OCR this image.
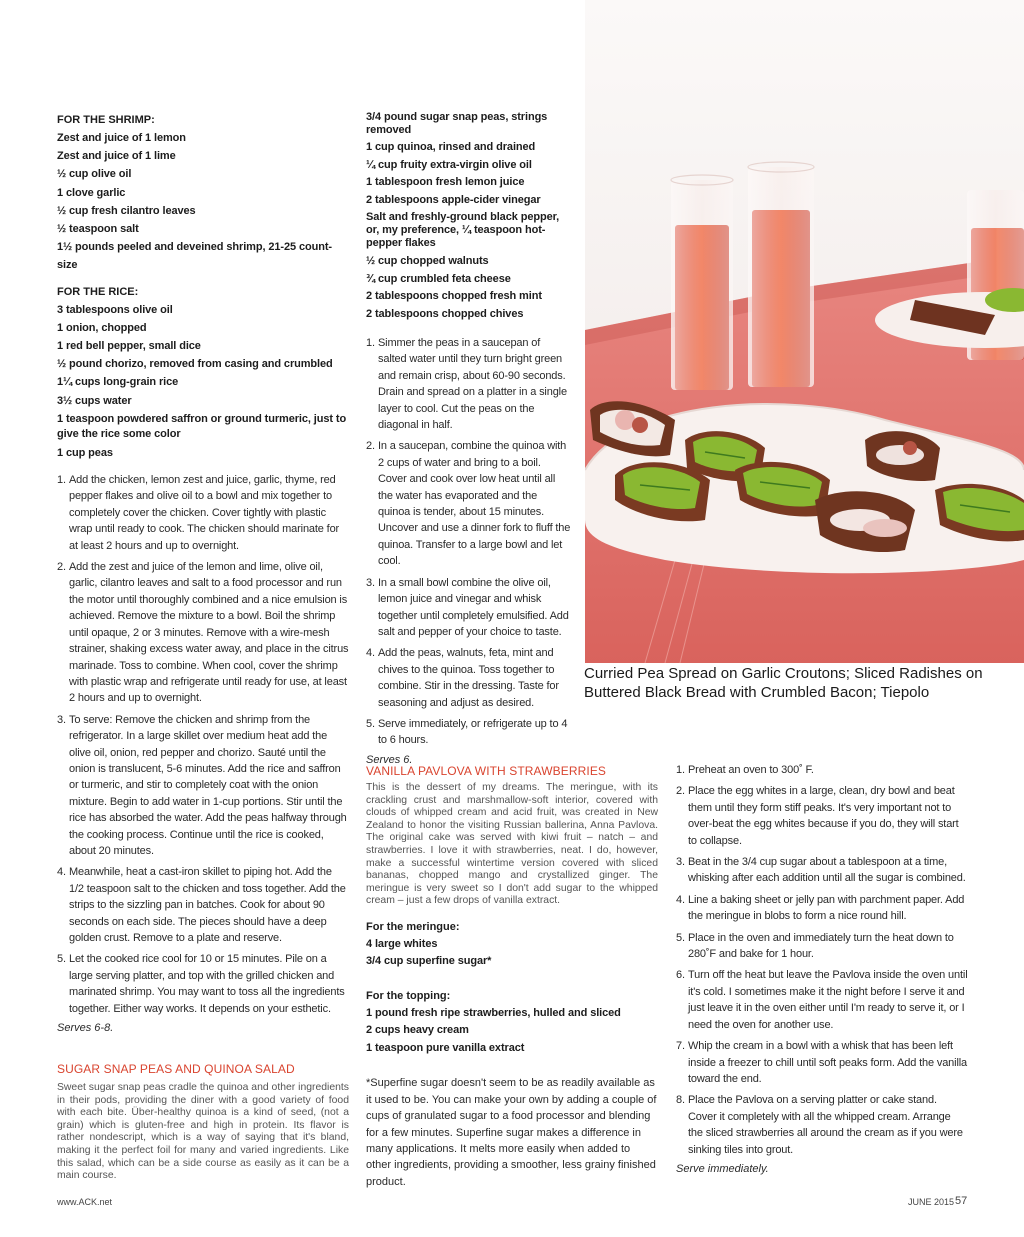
FOR THE SHRIMP:
Zest and juice of 1 lemon
Zest and juice of 1 lime
½ cup olive oil
1 clove garlic
½ cup fresh cilantro leaves
½ teaspoon salt
1½ pounds peeled and deveined shrimp, 21-25 count-size
FOR THE RICE:
3 tablespoons olive oil
1 onion, chopped
1 red bell pepper, small dice
½ pound chorizo, removed from casing and crumbled
1¼ cups long-grain rice
3½ cups water
1 teaspoon powdered saffron or ground turmeric, just to give the rice some color
1 cup peas
1. Add the chicken, lemon zest and juice, garlic, thyme, red pepper flakes and olive oil to a bowl and mix together to completely cover the chicken. Cover tightly with plastic wrap until ready to cook. The chicken should marinate for at least 2 hours and up to overnight.
2. Add the zest and juice of the lemon and lime, olive oil, garlic, cilantro leaves and salt to a food processor and run the motor until thoroughly combined and a nice emulsion is achieved. Remove the mixture to a bowl. Boil the shrimp until opaque, 2 or 3 minutes. Remove with a wire-mesh strainer, shaking excess water away, and place in the citrus marinade. Toss to combine. When cool, cover the shrimp with plastic wrap and refrigerate until ready for use, at least 2 hours and up to overnight.
3. To serve: Remove the chicken and shrimp from the refrigerator. In a large skillet over medium heat add the olive oil, onion, red pepper and chorizo. Sauté until the onion is translucent, 5-6 minutes. Add the rice and saffron or turmeric, and stir to completely coat with the onion mixture. Begin to add water in 1-cup portions. Stir until the rice has absorbed the water. Add the peas halfway through the cooking process. Continue until the rice is cooked, about 20 minutes.
4. Meanwhile, heat a cast-iron skillet to piping hot. Add the 1/2 teaspoon salt to the chicken and toss together. Add the strips to the sizzling pan in batches. Cook for about 90 seconds on each side. The pieces should have a deep golden crust. Remove to a plate and reserve.
5. Let the cooked rice cool for 10 or 15 minutes. Pile on a large serving platter, and top with the grilled chicken and marinated shrimp. You may want to toss all the ingredients together. Either way works. It depends on your esthetic.
Serves 6-8.
SUGAR SNAP PEAS AND QUINOA SALAD
Sweet sugar snap peas cradle the quinoa and other ingredients in their pods, providing the diner with a good variety of food with each bite. Über-healthy quinoa is a kind of seed, (not a grain) which is gluten-free and high in protein. Its flavor is rather nondescript, which is a way of saying that it's bland, making it the perfect foil for many and varied ingredients. Like this salad, which can be a side course as easily as it can be a main course.
3/4 pound sugar snap peas, strings removed
1 cup quinoa, rinsed and drained
¼ cup fruity extra-virgin olive oil
1 tablespoon fresh lemon juice
2 tablespoons apple-cider vinegar
Salt and freshly-ground black pepper, or, my preference, ¼ teaspoon hot-pepper flakes
½ cup chopped walnuts
¾ cup crumbled feta cheese
2 tablespoons chopped fresh mint
2 tablespoons chopped chives
1. Simmer the peas in a saucepan of salted water until they turn bright green and remain crisp, about 60-90 seconds. Drain and spread on a platter in a single layer to cool. Cut the peas on the diagonal in half.
2. In a saucepan, combine the quinoa with 2 cups of water and bring to a boil. Cover and cook over low heat until all the water has evaporated and the quinoa is tender, about 15 minutes. Uncover and use a dinner fork to fluff the quinoa. Transfer to a large bowl and let cool.
3. In a small bowl combine the olive oil, lemon juice and vinegar and whisk together until completely emulsified. Add salt and pepper of your choice to taste.
4. Add the peas, walnuts, feta, mint and chives to the quinoa. Toss together to combine. Stir in the dressing. Taste for seasoning and adjust as desired.
5. Serve immediately, or refrigerate up to 4 to 6 hours.
Serves 6.
Curried Pea Spread on Garlic Croutons; Sliced Radishes on Buttered Black Bread with Crumbled Bacon; Tiepolo
VANILLA PAVLOVA WITH STRAWBERRIES
This is the dessert of my dreams. The meringue, with its crackling crust and marshmallow-soft interior, covered with clouds of whipped cream and acid fruit, was created in New Zealand to honor the visiting Russian ballerina, Anna Pavlova. The original cake was served with kiwi fruit – natch – and strawberries. I love it with strawberries, neat. I do, however, make a successful wintertime version covered with sliced bananas, chopped mango and crystallized ginger. The meringue is very sweet so I don't add sugar to the whipped cream – just a few drops of vanilla extract.
For the meringue:
4 large whites
3/4 cup superfine sugar*
For the topping:
1 pound fresh ripe strawberries, hulled and sliced
2 cups heavy cream
1 teaspoon pure vanilla extract
*Superfine sugar doesn't seem to be as readily available as it used to be. You can make your own by adding a couple of cups of granulated sugar to a food processor and blending for a few minutes. Superfine sugar makes a difference in many applications. It melts more easily when added to other ingredients, providing a smoother, less grainy finished product.
1. Preheat an oven to 300˚ F.
2. Place the egg whites in a large, clean, dry bowl and beat them until they form stiff peaks. It's very important not to over-beat the egg whites because if you do, they will start to collapse.
3. Beat in the 3/4 cup sugar about a tablespoon at a time, whisking after each addition until all the sugar is combined.
4. Line a baking sheet or jelly pan with parchment paper. Add the meringue in blobs to form a nice round hill.
5. Place in the oven and immediately turn the heat down to 280˚F and bake for 1 hour.
6. Turn off the heat but leave the Pavlova inside the oven until it's cold. I sometimes make it the night before I serve it and just leave it in the oven either until I'm ready to serve it, or I need the oven for another use.
7. Whip the cream in a bowl with a whisk that has been left inside a freezer to chill until soft peaks form. Add the vanilla toward the end.
8. Place the Pavlova on a serving platter or cake stand. Cover it completely with all the whipped cream. Arrange the sliced strawberries all around the cream as if you were sinking tiles into grout.
Serve immediately.
www.ACK.net	JUNE 2015 57
